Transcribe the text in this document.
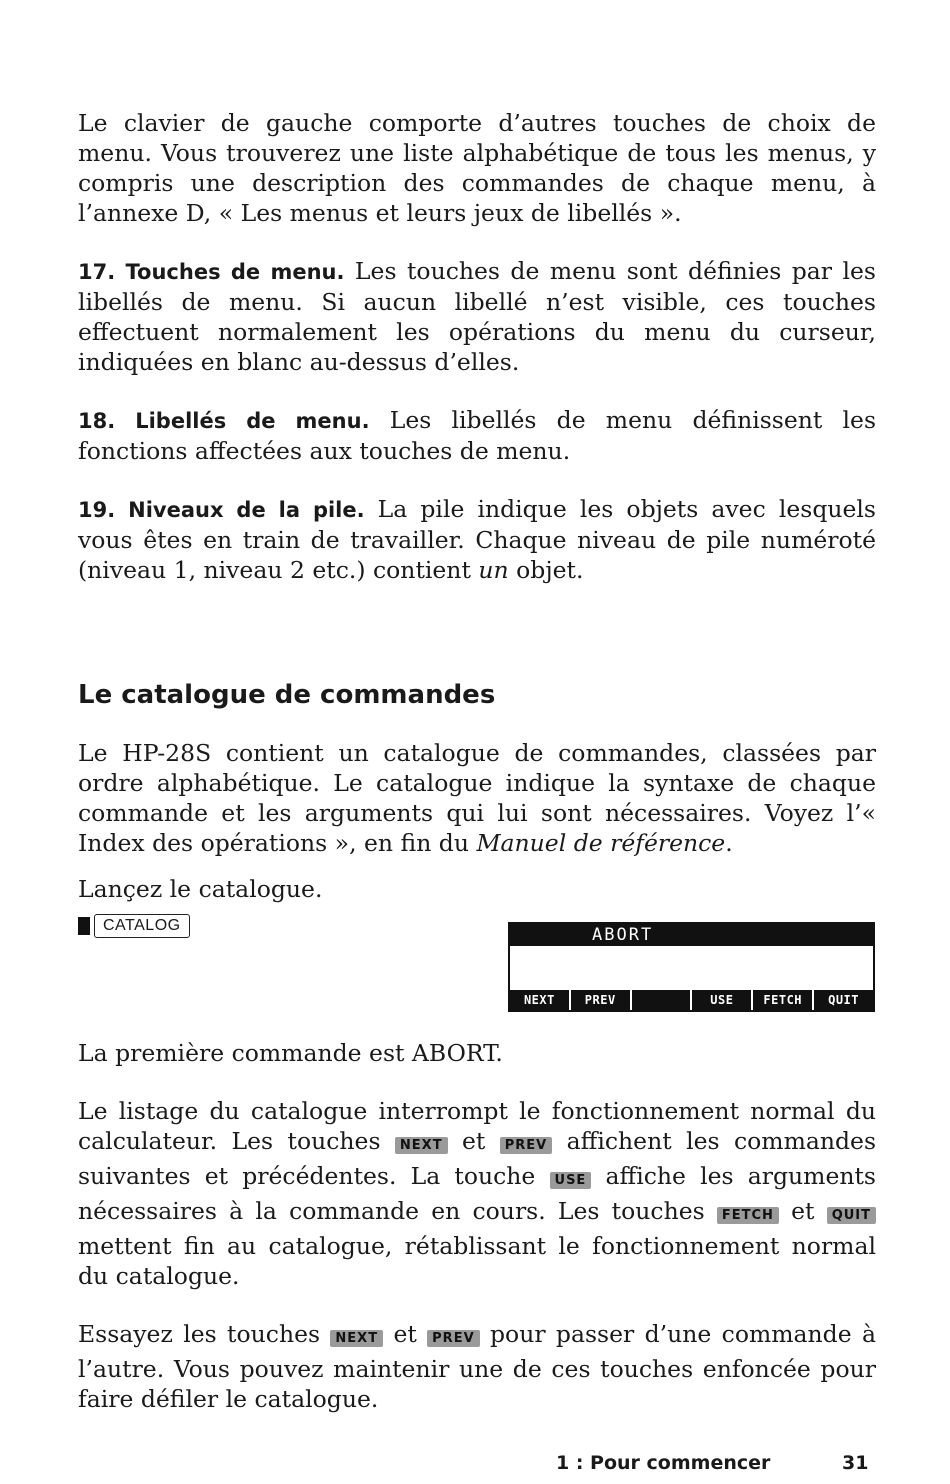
Le clavier de gauche comporte d’autres touches de choix de menu. Vous trouverez une liste alphabétique de tous les menus, y compris une description des commandes de chaque menu, à l’annexe D, « Les menus et leurs jeux de libellés ».

17. Touches de menu. Les touches de menu sont définies par les libellés de menu. Si aucun libellé n’est visible, ces touches effectuent normalement les opérations du menu du curseur, indiquées en blanc au-dessus d’elles.

18. Libellés de menu. Les libellés de menu définissent les fonctions affectées aux touches de menu.

19. Niveaux de la pile. La pile indique les objets avec lesquels vous êtes en train de travailler. Chaque niveau de pile numéroté (niveau 1, niveau 2 etc.) contient un objet.

Le catalogue de commandes

Le HP-28S contient un catalogue de commandes, classées par ordre alphabétique. Le catalogue indique la syntaxe de chaque commande et les arguments qui lui sont nécessaires. Voyez l’« Index des opérations », en fin du Manuel de référence.

Lançez le catalogue.

CATALOG	ABORT
NEXT	PREV	USE	FETCH	QUIT

La première commande est ABORT.

Le listage du catalogue interrompt le fonctionnement normal du calculateur. Les touches NEXT et PREV affichent les commandes suivantes et précédentes. La touche USE affiche les arguments nécessaires à la commande en cours. Les touches FETCH et QUIT mettent fin au catalogue, rétablissant le fonctionnement normal du catalogue.

Essayez les touches NEXT et PREV pour passer d’une commande à l’autre. Vous pouvez maintenir une de ces touches enfoncée pour faire défiler le catalogue.

1 : Pour commencer	31
